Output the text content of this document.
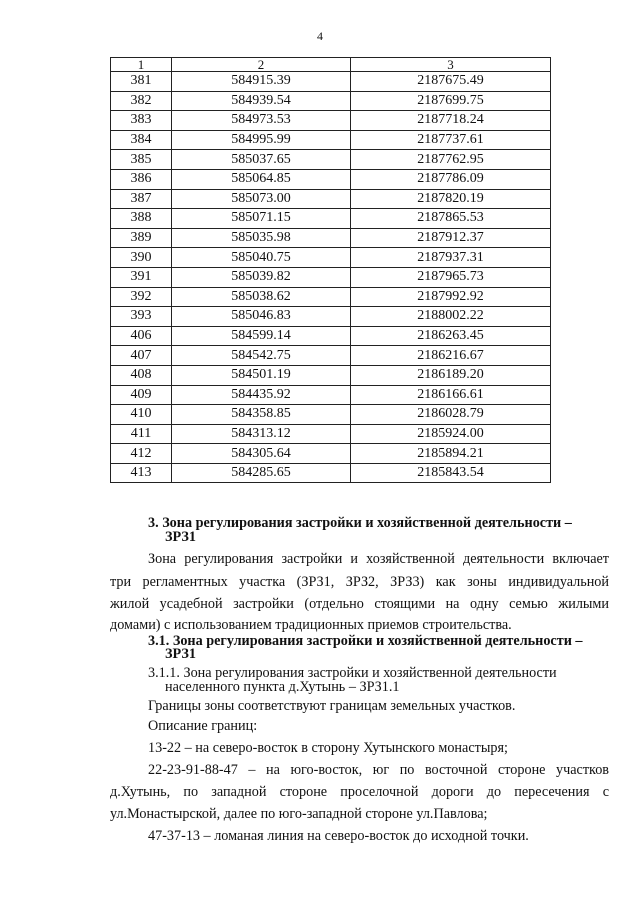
4
1	2	3
381	584915.39	2187675.49
382	584939.54	2187699.75
383	584973.53	2187718.24
384	584995.99	2187737.61
385	585037.65	2187762.95
386	585064.85	2187786.09
387	585073.00	2187820.19
388	585071.15	2187865.53
389	585035.98	2187912.37
390	585040.75	2187937.31
391	585039.82	2187965.73
392	585038.62	2187992.92
393	585046.83	2188002.22
406	584599.14	2186263.45
407	584542.75	2186216.67
408	584501.19	2186189.20
409	584435.92	2186166.61
410	584358.85	2186028.79
411	584313.12	2185924.00
412	584305.64	2185894.21
413	584285.65	2185843.54
3. Зона регулирования застройки и хозяйственной деятельности –
ЗРЗ1
Зона регулирования застройки и хозяйственной деятельности включает
три регламентных участка (ЗРЗ1, ЗРЗ2, ЗРЗ3) как зоны индивидуальной
жилой усадебной застройки (отдельно стоящими на одну семью жилыми
домами) с использованием традиционных приемов строительства.
3.1. Зона регулирования застройки и хозяйственной деятельности –
ЗРЗ1
3.1.1. Зона регулирования застройки и хозяйственной деятельности
населенного пункта д.Хутынь – ЗРЗ1.1
Границы зоны соответствуют границам земельных участков.
Описание границ:
13-22 – на северо-восток в сторону Хутынского монастыря;
22-23-91-88-47 – на юго-восток, юг по восточной стороне участков
д.Хутынь, по западной стороне проселочной дороги до пересечения с
ул.Монастырской, далее по юго-западной стороне ул.Павлова;
47-37-13 – ломаная линия на северо-восток до исходной точки.
